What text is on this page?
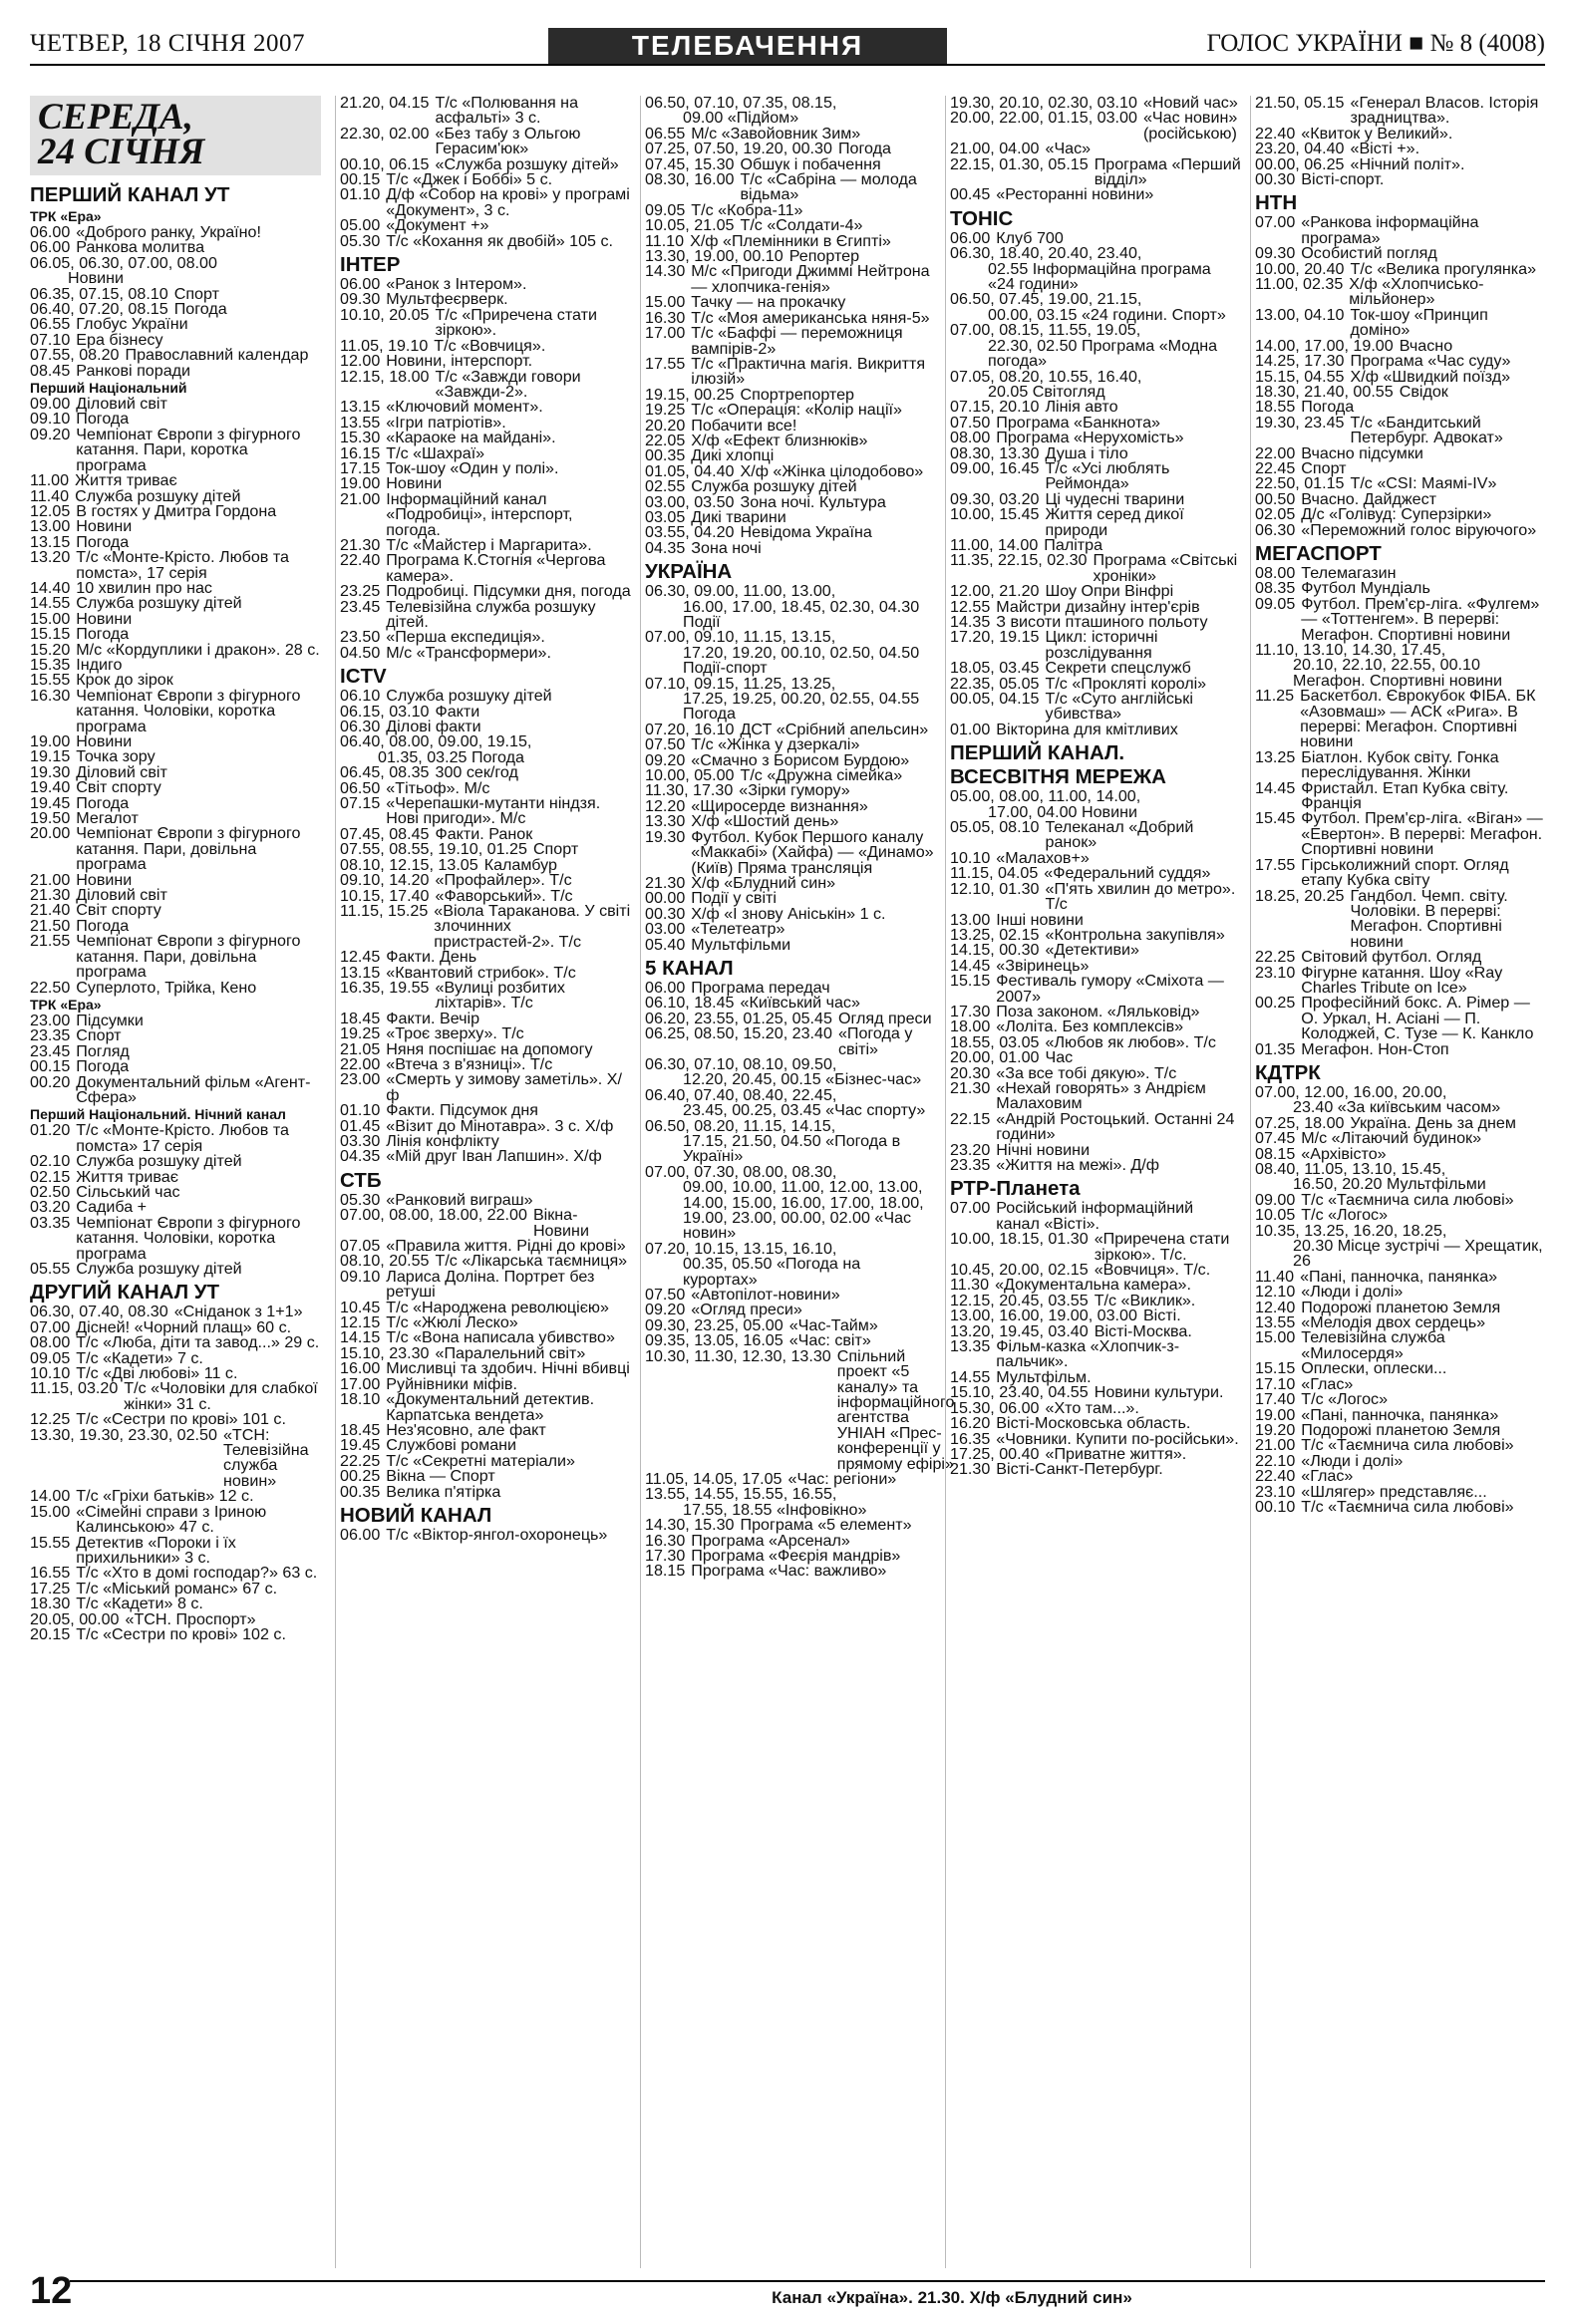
ЧЕТВЕР, 18 СІЧНЯ 2007	ТЕЛЕБАЧЕННЯ	ГОЛОС УКРАЇНИ ■ № 8 (4008)
СЕРЕДА,
24 СІЧНЯ
ПЕРШИЙ КАНАЛ УТ
ТРК «Ера»
06.00 «Доброго ранку, Україно!
06.00 Ранкова молитва
06.05, 06.30, 07.00, 08.00
Новини
06.35, 07.15, 08.10 Спорт
06.40, 07.20, 08.15 Погода
06.55 Глобус України
07.10 Ера бізнесу
07.55, 08.20 Православний календар
08.45 Ранкові поради
Перший Національний
09.00 Діловий світ
09.10 Погода
09.20 Чемпіонат Європи з фігурного катання. Пари, коротка програма
11.00 Життя триває
11.40 Служба розшуку дітей
12.05 В гостях у Дмитра Гордона
13.00 Новини
13.15 Погода
13.20 Т/с «Монте-Крісто. Любов та помста», 17 серія
14.40 10 хвилин про нас
14.55 Служба розшуку дітей
15.00 Новини
15.15 Погода
15.20 М/с «Кордуплики і дракон». 28 с.
15.35 Індиго
15.55 Крок до зірок
16.30 Чемпіонат Європи з фігурного катання. Чоловіки, коротка програма
19.00 Новини
19.15 Точка зору
19.30 Діловий світ
19.40 Світ спорту
19.45 Погода
19.50 Мегалот
20.00 Чемпіонат Європи з фігурного катання. Пари, довільна програма
21.00 Новини
21.30 Діловий світ
21.40 Світ спорту
21.50 Погода
21.55 Чемпіонат Європи з фігурного катання. Пари, довільна програма
22.50 Суперлото, Трійка, Кено
ТРК «Ера»
23.00 Підсумки
23.35 Спорт
23.45 Погляд
00.15 Погода
00.20 Документальний фільм «Агент-Сфера»
Перший Національний. Нічний канал
01.20 Т/с «Монте-Крісто. Любов та помста» 17 серія
02.10 Служба розшуку дітей
02.15 Життя триває
02.50 Сільський час
03.20 Садиба +
03.35 Чемпіонат Європи з фігурного катання. Чоловіки, коротка програма
05.55 Служба розшуку дітей
ДРУГИЙ КАНАЛ УТ
06.30, 07.40, 08.30 «Сніданок з 1+1»
07.00 Дісней! «Чорний плащ» 60 с.
08.00 Т/с «Люба, діти та завод...» 29 с.
09.05 Т/с «Кадети» 7 с.
10.10 Т/с «Дві любові» 11 с.
11.15, 03.20 Т/с «Чоловіки для слабкої жінки» 31 с.
12.25 Т/с «Сестри по крові» 101 с.
13.30, 19.30, 23.30, 02.50 «ТСН: Телевізійна служба новин»
14.00 Т/с «Гріхи батьків» 12 с.
15.00 «Сімейні справи з Іриною Калинською» 47 с.
15.55 Детектив «Пороки і їх прихильники» 3 с.
16.55 Т/с «Хто в домі господар?» 63 с.
17.25 Т/с «Міський романс» 67 с.
18.30 Т/с «Кадети» 8 с.
20.05, 00.00 «ТСН. Проспорт»
20.15 Т/с «Сестри по крові» 102 с.
21.20, 04.15 Т/с «Полювання на асфальті» 3 с.
22.30, 02.00 «Без табу з Ольгою Герасим'юк»
00.10, 06.15 «Служба розшуку дітей»
00.15 Т/с «Джек і Боббі» 5 с.
01.10 Д/ф «Собор на крові» у програмі «Документ», 3 с.
05.00 «Документ +»
05.30 Т/с «Кохання як двобій» 105 с.
ІНТЕР
06.00 «Ранок з Інтером».
09.30 Мультфеєрверк.
10.10, 20.05 Т/с «Приречена стати зіркою».
11.05, 19.10 Т/с «Вовчиця».
12.00 Новини, інтерспорт.
12.15, 18.00 Т/с «Завжди говори «Завжди-2».
13.15 «Ключовий момент».
13.55 «Ігри патріотів».
15.30 «Караоке на майдані».
16.15 Т/с «Шахраї»
17.15 Ток-шоу «Один у полі».
19.00 Новини
21.00 Інформаційний канал «Подробиці», інтерспорт, погода.
21.30 Т/с «Майстер і Маргарита».
22.40 Програма К.Стогнія «Чергова камера».
23.25 Подробиці. Підсумки дня, погода
23.45 Телевізійна служба розшуку дітей.
23.50 «Перша експедиція».
04.50 М/с «Трансформери».
ICTV
06.10 Служба розшуку дітей
06.15, 03.10 Факти
06.30 Ділові факти
06.40, 08.00, 09.00, 19.15,
01.35, 03.25 Погода
06.45, 08.35 300 сек/год
06.50 «Тітьоф». М/с
07.15 «Черепашки-мутанти ніндзя. Нові пригоди». М/с
07.45, 08.45 Факти. Ранок
07.55, 08.55, 19.10, 01.25 Спорт
08.10, 12.15, 13.05 Каламбур
09.10, 14.20 «Профайлер». Т/с
10.15, 17.40 «Фаворський». Т/с
11.15, 15.25 «Віола Тараканова. У світі злочинних пристрастей-2». Т/с
12.45 Факти. День
13.15 «Квантовий стрибок». Т/с
16.35, 19.55 «Вулиці розбитих ліхтарів». Т/с
18.45 Факти. Вечір
19.25 «Троє зверху». Т/с
21.05 Няня поспішає на допомогу
22.00 «Втеча з в'язниці». Т/с
23.00 «Смерть у зимову заметіль». Х/ф
01.10 Факти. Підсумок дня
01.45 «Візит до Мінотавра». 3 с. Х/ф
03.30 Лінія конфлікту
04.35 «Мій друг Іван Лапшин». Х/ф
СТБ
05.30 «Ранковий виграш»
07.00, 08.00, 18.00, 22.00 Вікна-Новини
07.05 «Правила життя. Рідні до крові»
08.10, 20.55 Т/с «Лікарська таємниця»
09.10 Лариса Доліна. Портрет без ретуші
10.45 Т/с «Народжена революцією»
12.15 Т/с «Жюлі Леско»
14.15 Т/с «Вона написала убивство»
15.10, 23.30 «Паралельний світ»
16.00 Мисливці та здобич. Нічні вбивці
17.00 Руйнівники міфів.
18.10 «Документальний детектив. Карпатська вендета»
18.45 Нез'ясовно, але факт
19.45 Службові романи
22.25 Т/с «Секретні матеріали»
00.25 Вікна — Спорт
00.35 Велика п'ятірка
НОВИЙ КАНАЛ
06.00 Т/с «Віктор-янгол-охоронець»
06.50, 07.10, 07.35, 08.15,
09.00 «Підйом»
06.55 М/с «Завойовник Зим»
07.25, 07.50, 19.20, 00.30 Погода
07.45, 15.30 Обшук і побачення
08.30, 16.00 Т/с «Сабріна — молода відьма»
09.05 Т/с «Кобра-11»
10.05, 21.05 Т/с «Солдати-4»
11.10 Х/ф «Племінники в Єгипті»
13.30, 19.00, 00.10 Репортер
14.30 М/с «Пригоди Джиммі Нейтрона — хлопчика-генія»
15.00 Тачку — на прокачку
16.30 Т/с «Моя американська няня-5»
17.00 Т/с «Баффі — переможниця вампірів-2»
17.55 Т/с «Практична магія. Викриття ілюзій»
19.15, 00.25 Спортрепортер
19.25 Т/с «Операція: «Колір нації»
20.20 Побачити все!
22.05 Х/ф «Ефект близнюків»
00.35 Дикі хлопці
01.05, 04.40 Х/ф «Жінка цілодобово»
02.55 Служба розшуку дітей
03.00, 03.50 Зона ночі. Культура
03.05 Дикі тварини
03.55, 04.20 Невідома Україна
04.35 Зона ночі
УКРАЇНА
06.30, 09.00, 11.00, 13.00,
16.00, 17.00, 18.45, 02.30, 04.30 Події
07.00, 09.10, 11.15, 13.15,
17.20, 19.20, 00.10, 02.50, 04.50 Події-спорт
07.10, 09.15, 11.25, 13.25,
17.25, 19.25, 00.20, 02.55, 04.55 Погода
07.20, 16.10 ДСТ «Срібний апельсин»
07.50 Т/с «Жінка у дзеркалі»
09.20 «Смачно з Борисом Бурдою»
10.00, 05.00 Т/с «Дружна сімейка»
11.30, 17.30 «Зірки гумору»
12.20 «Щиросерде визнання»
13.30 Х/ф «Шостий день»
19.30 Футбол. Кубок Першого каналу «Маккабі» (Хайфа) — «Динамо» (Київ) Пряма трансляція
21.30 Х/ф «Блудний син»
00.00 Події у світі
00.30 Х/ф «І знову Аніськін» 1 с.
03.00 «Телетеатр»
05.40 Мультфільми
5 КАНАЛ
06.00 Програма передач
06.10, 18.45 «Київський час»
06.20, 23.55, 01.25, 05.45 Огляд преси
06.25, 08.50, 15.20, 23.40 «Погода у світі»
06.30, 07.10, 08.10, 09.50,
12.20, 20.45, 00.15 «Бізнес-час»
06.40, 07.40, 08.40, 22.45,
23.45, 00.25, 03.45 «Час спорту»
06.50, 08.20, 11.15, 14.15,
17.15, 21.50, 04.50 «Погода в Україні»
07.00, 07.30, 08.00, 08.30,
09.00, 10.00, 11.00, 12.00, 13.00, 14.00, 15.00, 16.00, 17.00, 18.00, 19.00, 23.00, 00.00, 02.00 «Час новин»
07.20, 10.15, 13.15, 16.10,
00.35, 05.50 «Погода на курортах»
07.50 «Автопілот-новини»
09.20 «Огляд преси»
09.30, 23.25, 05.00 «Час-Тайм»
09.35, 13.05, 16.05 «Час: світ»
10.30, 11.30, 12.30, 13.30 Спільний проект «5 каналу» та інформаційного агентства УНІАН «Прес-конференції у прямому ефірі»
11.05, 14.05, 17.05 «Час: регіони»
13.55, 14.55, 15.55, 16.55,
17.55, 18.55 «Інфовікно»
14.30, 15.30 Програма «5 елемент»
16.30 Програма «Арсенал»
17.30 Програма «Феєрія мандрів»
18.15 Програма «Час: важливо»
19.30, 20.10, 02.30, 03.10 «Новий час»
20.00, 22.00, 01.15, 03.00 «Час новин» (російською)
21.00, 04.00 «Час»
22.15, 01.30, 05.15 Програма «Перший відділ»
00.45 «Ресторанні новини»
ТОНІС
06.00 Клуб 700
06.30, 18.40, 20.40, 23.40,
02.55 Інформаційна програма «24 години»
06.50, 07.45, 19.00, 21.15,
00.00, 03.15 «24 години. Спорт»
07.00, 08.15, 11.55, 19.05,
22.30, 02.50 Програма «Модна погода»
07.05, 08.20, 10.55, 16.40,
20.05 Світогляд
07.15, 20.10 Лінія авто
07.50 Програма «Банкнота»
08.00 Програма «Нерухомість»
08.30, 13.30 Душа і тіло
09.00, 16.45 Т/с «Усі люблять Реймонда»
09.30, 03.20 Ці чудесні тварини
10.00, 15.45 Життя серед дикої природи
11.00, 14.00 Палітра
11.35, 22.15, 02.30 Програма «Світські хроніки»
12.00, 21.20 Шоу Опри Вінфрі
12.55 Майстри дизайну інтер'єрів
14.35 З висоти пташиного польоту
17.20, 19.15 Цикл: історичні розслідування
18.05, 03.45 Секрети спецслужб
22.35, 05.05 Т/с «Прокляті королі»
00.05, 04.15 Т/с «Суто англійські убивства»
01.00 Вікторина для кмітливих
ПЕРШИЙ КАНАЛ. ВСЕСВІТНЯ МЕРЕЖА
05.00, 08.00, 11.00, 14.00,
17.00, 04.00 Новини
05.05, 08.10 Телеканал «Добрий ранок»
10.10 «Малахов+»
11.15, 04.05 «Федеральний суддя»
12.10, 01.30 «П'ять хвилин до метро». Т/с
13.00 Інші новини
13.25, 02.15 «Контрольна закупівля»
14.15, 00.30 «Детективи»
14.45 «Звіринець»
15.15 Фестиваль гумору «Сміхота — 2007»
17.30 Поза законом. «Ляльковід»
18.00 «Лоліта. Без комплексів»
18.55, 03.05 «Любов як любов». Т/с
20.00, 01.00 Час
20.30 «За все тобі дякую». Т/с
21.30 «Нехай говорять» з Андрієм Малаховим
22.15 «Андрій Ростоцький. Останні 24 години»
23.20 Нічні новини
23.35 «Життя на межі». Д/ф
РТР-Планета
07.00 Російський інформаційний канал «Вісті».
10.00, 18.15, 01.30 «Приречена стати зіркою». Т/с.
10.45, 20.00, 02.15 «Вовчиця». Т/с.
11.30 «Документальна камера».
12.15, 20.45, 03.55 Т/с «Виклик».
13.00, 16.00, 19.00, 03.00 Вісті.
13.20, 19.45, 03.40 Вісті-Москва.
13.35 Фільм-казка «Хлопчик-з-пальчик».
14.55 Мультфільм.
15.10, 23.40, 04.55 Новини культури.
15.30, 06.00 «Хто там...».
16.20 Вісті-Московська область.
16.35 «Човники. Купити по-російськи».
17.25, 00.40 «Приватне життя».
21.30 Вісті-Санкт-Петербург.
21.50, 05.15 «Генерал Власов. Історія зрадництва».
22.40 «Квиток у Великий».
23.20, 04.40 «Вісті +».
00.00, 06.25 «Нічний політ».
00.30 Вісті-спорт.
НТН
07.00 «Ранкова інформаційна програма»
09.30 Особистий погляд
10.00, 20.40 Т/с «Велика прогулянка»
11.00, 02.35 Х/ф «Хлопчисько-мільйонер»
13.00, 04.10 Ток-шоу «Принцип доміно»
14.00, 17.00, 19.00 Вчасно
14.25, 17.30 Програма «Час суду»
15.15, 04.55 Х/ф «Швидкий поїзд»
18.30, 21.40, 00.55 Свідок
18.55 Погода
19.30, 23.45 Т/с «Бандитський Петербург. Адвокат»
22.00 Вчасно підсумки
22.45 Спорт
22.50, 01.15 Т/с «CSI: Маямі-IV»
00.50 Вчасно. Дайджест
02.05 Д/с «Голівуд: Суперзірки»
06.30 «Переможний голос віруючого»
МЕГАСПОРТ
08.00 Телемагазин
08.35 Футбол Мундіаль
09.05 Футбол. Прем'єр-ліга. «Фулгем» — «Тоттенгем». В перерві: Мегафон. Спортивні новини
11.10, 13.10, 14.30, 17.45,
20.10, 22.10, 22.55, 00.10 Мегафон. Спортивні новини
11.25 Баскетбол. Єврокубок ФІБА. БК «Азовмаш» — АСК «Рига». В перерві: Мегафон. Спортивні новини
13.25 Біатлон. Кубок світу. Гонка переслідування. Жінки
14.45 Фристайл. Етап Кубка світу. Франція
15.45 Футбол. Прем'єр-ліга. «Віган» — «Евертон». В перерві: Мегафон. Спортивні новини
17.55 Гірськолижний спорт. Огляд етапу Кубка світу
18.25, 20.25 Гандбол. Чемп. світу. Чоловіки. В перерві: Мегафон. Спортивні новини
22.25 Світовий футбол. Огляд
23.10 Фігурне катання. Шоу «Ray Charles Tribute on Ice»
00.25 Професійний бокс. А. Рімер — О. Уркал, Н. Асіані — П. Колоджей, С. Тузе — К. Канкло
01.35 Мегафон. Нон-Стоп
КДТРК
07.00, 12.00, 16.00, 20.00,
23.40 «За київським часом»
07.25, 18.00 Україна. День за днем
07.45 М/с «Літаючий будинок»
08.15 «Архівісто»
08.40, 11.05, 13.10, 15.45,
16.50, 20.20 Мультфільми
09.00 Т/с «Таємнича сила любові»
10.05 Т/с «Логос»
10.35, 13.25, 16.20, 18.25,
20.30 Місце зустрічі — Хрещатик, 26
11.40 «Пані, панночка, панянка»
12.10 «Люди і долі»
12.40 Подорожі планетою Земля
13.55 «Мелодія двох сердець»
15.00 Телевізійна служба «Милосердя»
15.15 Оплески, оплески...
17.10 «Глас»
17.40 Т/с «Логос»
19.00 «Пані, панночка, панянка»
19.20 Подорожі планетою Земля
21.00 Т/с «Таємнича сила любові»
22.10 «Люди і долі»
22.40 «Глас»
23.10 «Шлягер» представляє...
00.10 Т/с «Таємнича сила любові»
12	Канал «Україна». 21.30. Х/ф «Блудний син»
